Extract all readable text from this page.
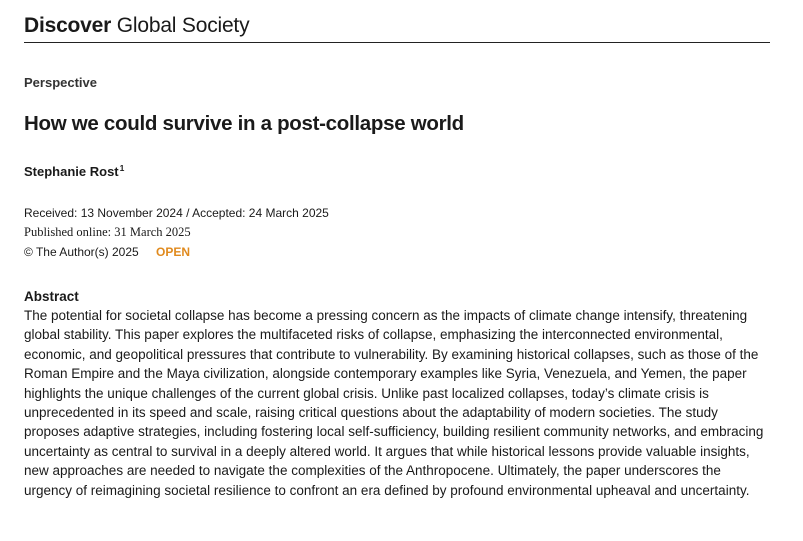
Discover Global Society
Perspective
How we could survive in a post-collapse world
Stephanie Rost$^1$
Received: 13 November 2024 / Accepted: 24 March 2025
Published online: 31 March 2025
© The Author(s) 2025 OPEN
Abstract

The potential for societal collapse has become a pressing concern as the impacts of climate change intensify, threatening global stability. This paper explores the multifaceted risks of collapse, emphasizing the interconnected environmental, economic, and geopolitical pressures that contribute to vulnerability. By examining historical collapses, such as those of the Roman Empire and the Maya civilization, alongside contemporary examples like Syria, Venezuela, and Yemen, the paper highlights the unique challenges of the current global crisis. Unlike past localized collapses, today’s climate crisis is unprecedented in its speed and scale, raising critical questions about the adaptability of modern societies. The study proposes adaptive strategies, including fostering local self-sufficiency, building resilient community networks, and embracing uncertainty as central to survival in a deeply altered world. It argues that while historical lessons provide valuable insights, new approaches are needed to navigate the complexities of the Anthropocene. Ultimately, the paper underscores the urgency of reimagining societal resilience to confront an era defined by profound environmental upheaval and uncertainty.
